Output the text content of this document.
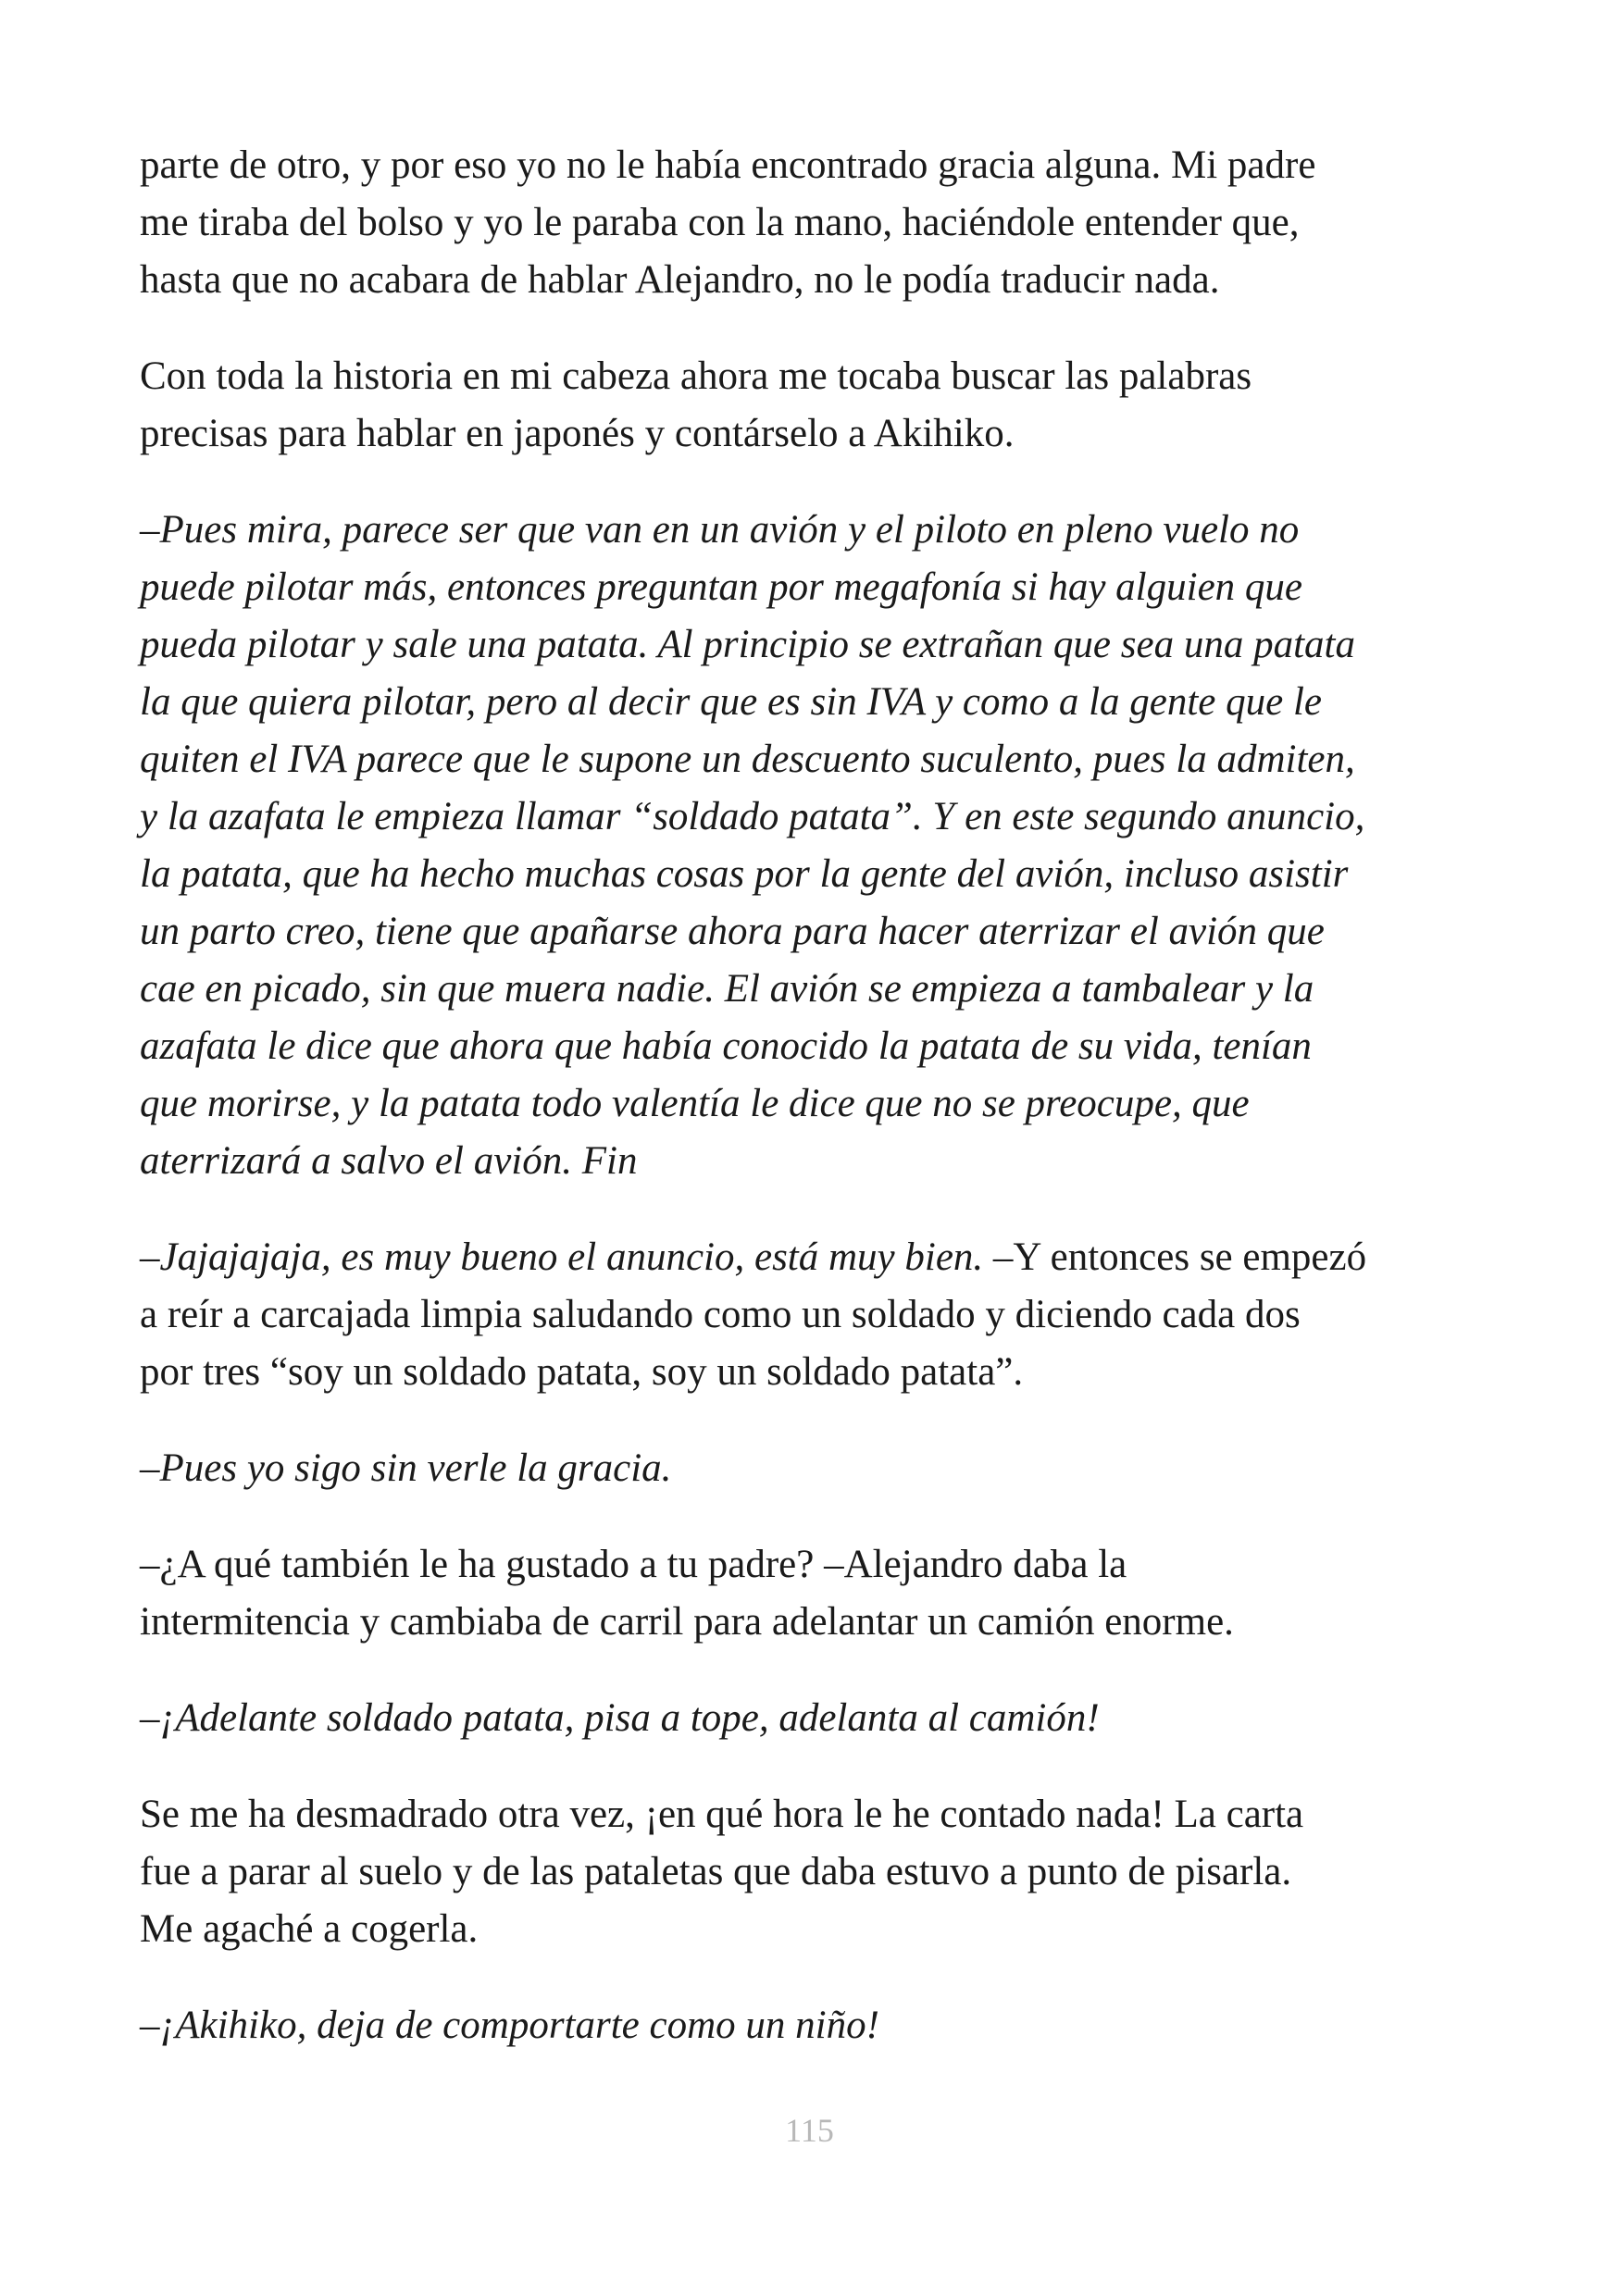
parte de otro, y por eso yo no le había encontrado gracia alguna. Mi padre
me tiraba del bolso y yo le paraba con la mano, haciéndole entender que,
hasta que no acabara de hablar Alejandro, no le podía traducir nada.

Con toda la historia en mi cabeza ahora me tocaba buscar las palabras
precisas para hablar en japonés y contárselo a Akihiko.

–Pues mira, parece ser que van en un avión y el piloto en pleno vuelo no
puede pilotar más, entonces preguntan por megafonía si hay alguien que
pueda pilotar y sale una patata. Al principio se extrañan que sea una patata
la que quiera pilotar, pero al decir que es sin IVA y como a la gente que le
quiten el IVA parece que le supone un descuento suculento, pues la admiten,
y la azafata le empieza llamar “soldado patata”. Y en este segundo anuncio,
la patata, que ha hecho muchas cosas por la gente del avión, incluso asistir
un parto creo, tiene que apañarse ahora para hacer aterrizar el avión que
cae en picado, sin que muera nadie. El avión se empieza a tambalear y la
azafata le dice que ahora que había conocido la patata de su vida, tenían
que morirse, y la patata todo valentía le dice que no se preocupe, que
aterrizará a salvo el avión. Fin

–Jajajajaja, es muy bueno el anuncio, está muy bien. –Y entonces se empezó
a reír a carcajada limpia saludando como un soldado y diciendo cada dos
por tres “soy un soldado patata, soy un soldado patata”.

–Pues yo sigo sin verle la gracia.

–¿A qué también le ha gustado a tu padre? –Alejandro daba la
intermitencia y cambiaba de carril para adelantar un camión enorme.

–¡Adelante soldado patata, pisa a tope, adelanta al camión!

Se me ha desmadrado otra vez, ¡en qué hora le he contado nada! La carta
fue a parar al suelo y de las pataletas que daba estuvo a punto de pisarla.
Me agaché a cogerla.

–¡Akihiko, deja de comportarte como un niño!

115
